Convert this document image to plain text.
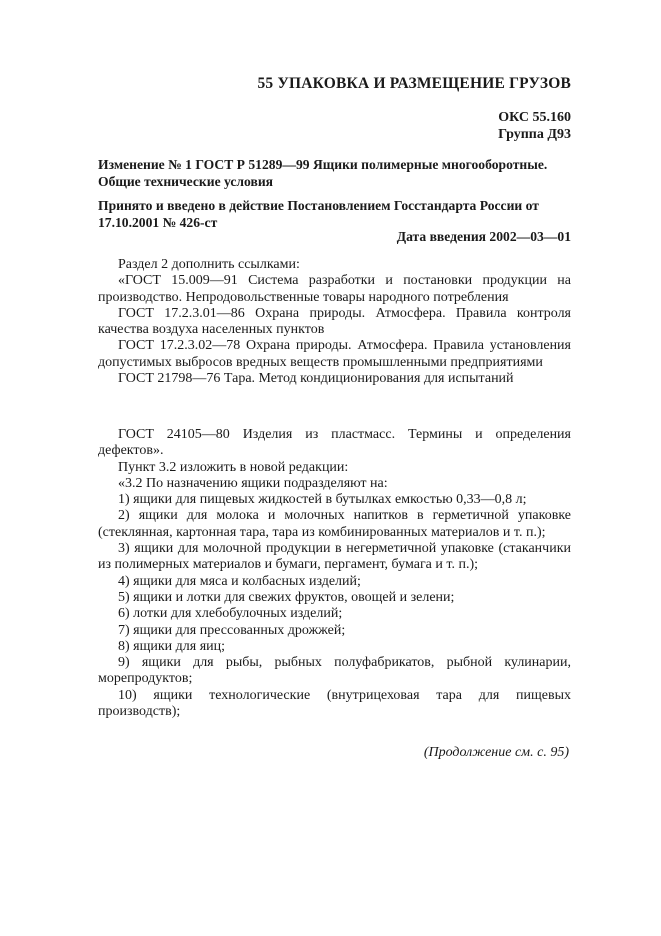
55 УПАКОВКА И РАЗМЕЩЕНИЕ ГРУЗОВ
ОКС 55.160
Группа Д93
Изменение № 1 ГОСТ Р 51289—99 Ящики полимерные многооборотные. Общие технические условия
Принято и введено в действие Постановлением Госстандарта России от 17.10.2001 № 426-ст
Дата введения 2002—03—01

Раздел 2 дополнить ссылками:

«ГОСТ 15.009—91 Система разработки и постановки продукции на производство. Непродовольственные товары народного потребления

ГОСТ 17.2.3.01—86 Охрана природы. Атмосфера. Правила контроля качества воздуха населенных пунктов

ГОСТ 17.2.3.02—78 Охрана природы. Атмосфера. Правила установления допустимых выбросов вредных веществ промышленными предприятиями

ГОСТ 21798—76 Тара. Метод кондиционирования для испытаний

ГОСТ 24105—80 Изделия из пластмасс. Термины и определения дефектов».

Пункт 3.2 изложить в новой редакции:

«3.2 По назначению ящики подразделяют на:

1) ящики для пищевых жидкостей в бутылках емкостью 0,33—0,8 л;

2) ящики для молока и молочных напитков в герметичной упаковке (стеклянная, картонная тара, тара из комбинированных материалов и т. п.);

3) ящики для молочной продукции в негерметичной упаковке (стаканчики из полимерных материалов и бумаги, пергамент, бумага и т. п.);

4) ящики для мяса и колбасных изделий;

5) ящики и лотки для свежих фруктов, овощей и зелени;

6) лотки для хлебобулочных изделий;

7) ящики для прессованных дрожжей;

8) ящики для яиц;

9) ящики для рыбы, рыбных полуфабрикатов, рыбной кулинарии, морепродуктов;

10) ящики технологические (внутрицеховая тара для пищевых производств);

(Продолжение см. с. 95)
